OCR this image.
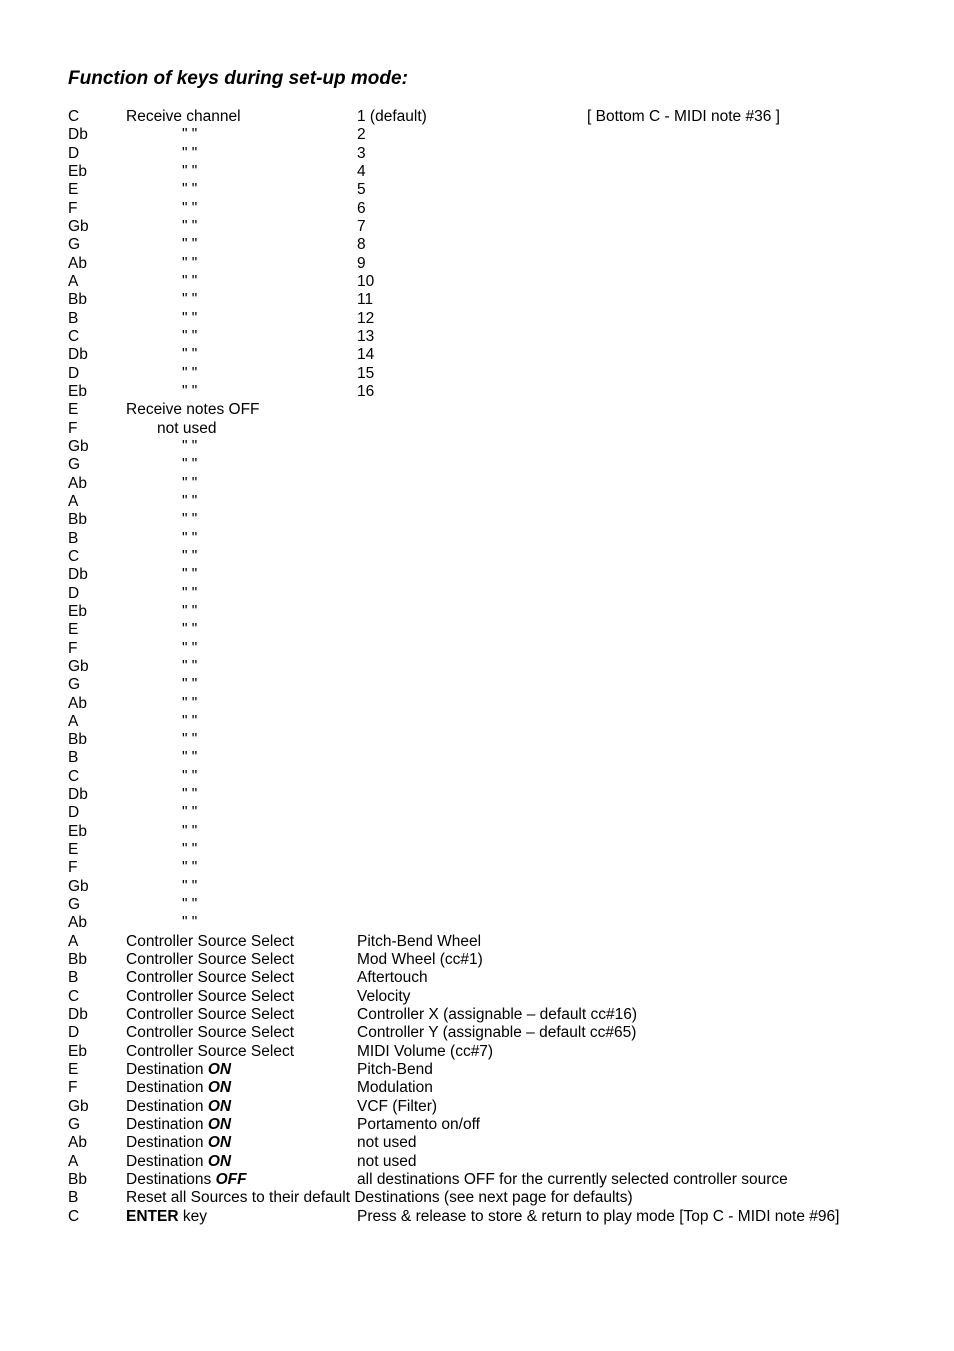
Function of keys during set-up mode:
C	Receive channel	1 (default)	[ Bottom C - MIDI note #36 ]
Db	" "	2
D	" "	3
Eb	" "	4
E	" "	5
F	" "	6
Gb	" "	7
G	" "	8
Ab	" "	9
A	" "	10
Bb	" "	11
B	" "	12
C	" "	13
Db	" "	14
D	" "	15
Eb	" "	16
E	Receive notes OFF
F	not used
Gb	" "
G	" "
Ab	" "
A	" "
Bb	" "
B	" "
C	" "
Db	" "
D	" "
Eb	" "
E	" "
F	" "
Gb	" "
G	" "
Ab	" "
A	" "
Bb	" "
B	" "
C	" "
Db	" "
D	" "
Eb	" "
E	" "
F	" "
Gb	" "
G	" "
Ab	" "
A	Controller Source Select	Pitch-Bend Wheel
Bb	Controller Source Select	Mod Wheel (cc#1)
B	Controller Source Select	Aftertouch
C	Controller Source Select	Velocity
Db Controller Source Select	Controller X (assignable – default cc#16)
D	Controller Source Select	Controller Y (assignable – default cc#65)
Eb	Controller Source Select	MIDI Volume (cc#7)
E	Destination ON	Pitch-Bend
F	Destination ON	Modulation
Gb Destination ON	VCF (Filter)
G	Destination ON	Portamento on/off
Ab	Destination ON	not used
A	Destination ON	not used
Bb	Destinations OFF	all destinations OFF for the currently selected controller source
B	Reset all Sources to their default Destinations (see next page for defaults)
C	ENTER key	Press & release to store & return to play mode [Top C - MIDI note #96]
